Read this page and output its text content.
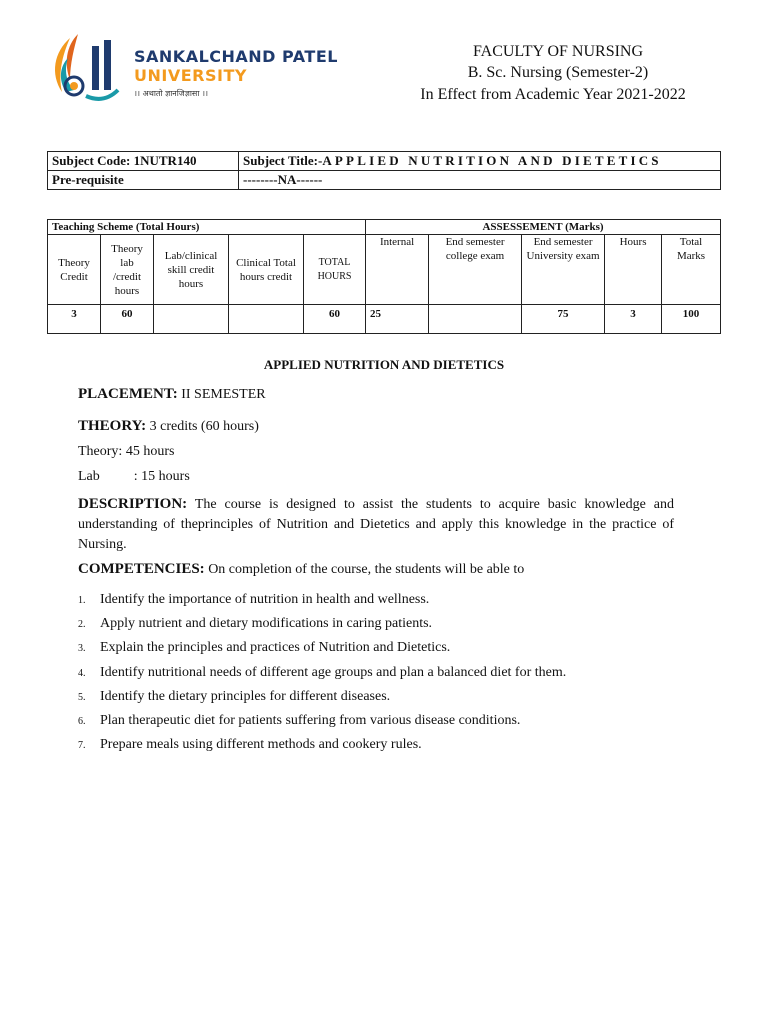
SANKALCHAND PATEL
UNIVERSITY
।। अथातो ज्ञानजिज्ञासा ।।
FACULTY OF NURSING
B. Sc. Nursing (Semester-2)
In Effect from Academic Year 2021-2022
Subject Code: 1NUTR140	Subject Title:-APPLIED NUTRITION AND DIETETICS
Pre-requisite	--------NA------
Teaching Scheme (Total Hours)					ASSESSEMENT (Marks)				
Theory Credit	Theory lab /credit hours	Lab/clinical skill credit hours	Clinical Total hours credit	TOTAL HOURS	Internal	End semester college exam	End semester University exam	Hours	Total Marks
3	60			60	25		75	3	100
APPLIED NUTRITION AND DIETETICS
PLACEMENT: II SEMESTER
THEORY: 3 credits (60 hours)
Theory: 45 hours
Lab : 15 hours
DESCRIPTION: The course is designed to assist the students to acquire basic knowledge and understanding of theprinciples of Nutrition and Dietetics and apply this knowledge in the practice of Nursing.
COMPETENCIES: On completion of the course, the students will be able to
1. Identify the importance of nutrition in health and wellness.
2. Apply nutrient and dietary modifications in caring patients.
3. Explain the principles and practices of Nutrition and Dietetics.
4. Identify nutritional needs of different age groups and plan a balanced diet for them.
5. Identify the dietary principles for different diseases.
6. Plan therapeutic diet for patients suffering from various disease conditions.
7. Prepare meals using different methods and cookery rules.
